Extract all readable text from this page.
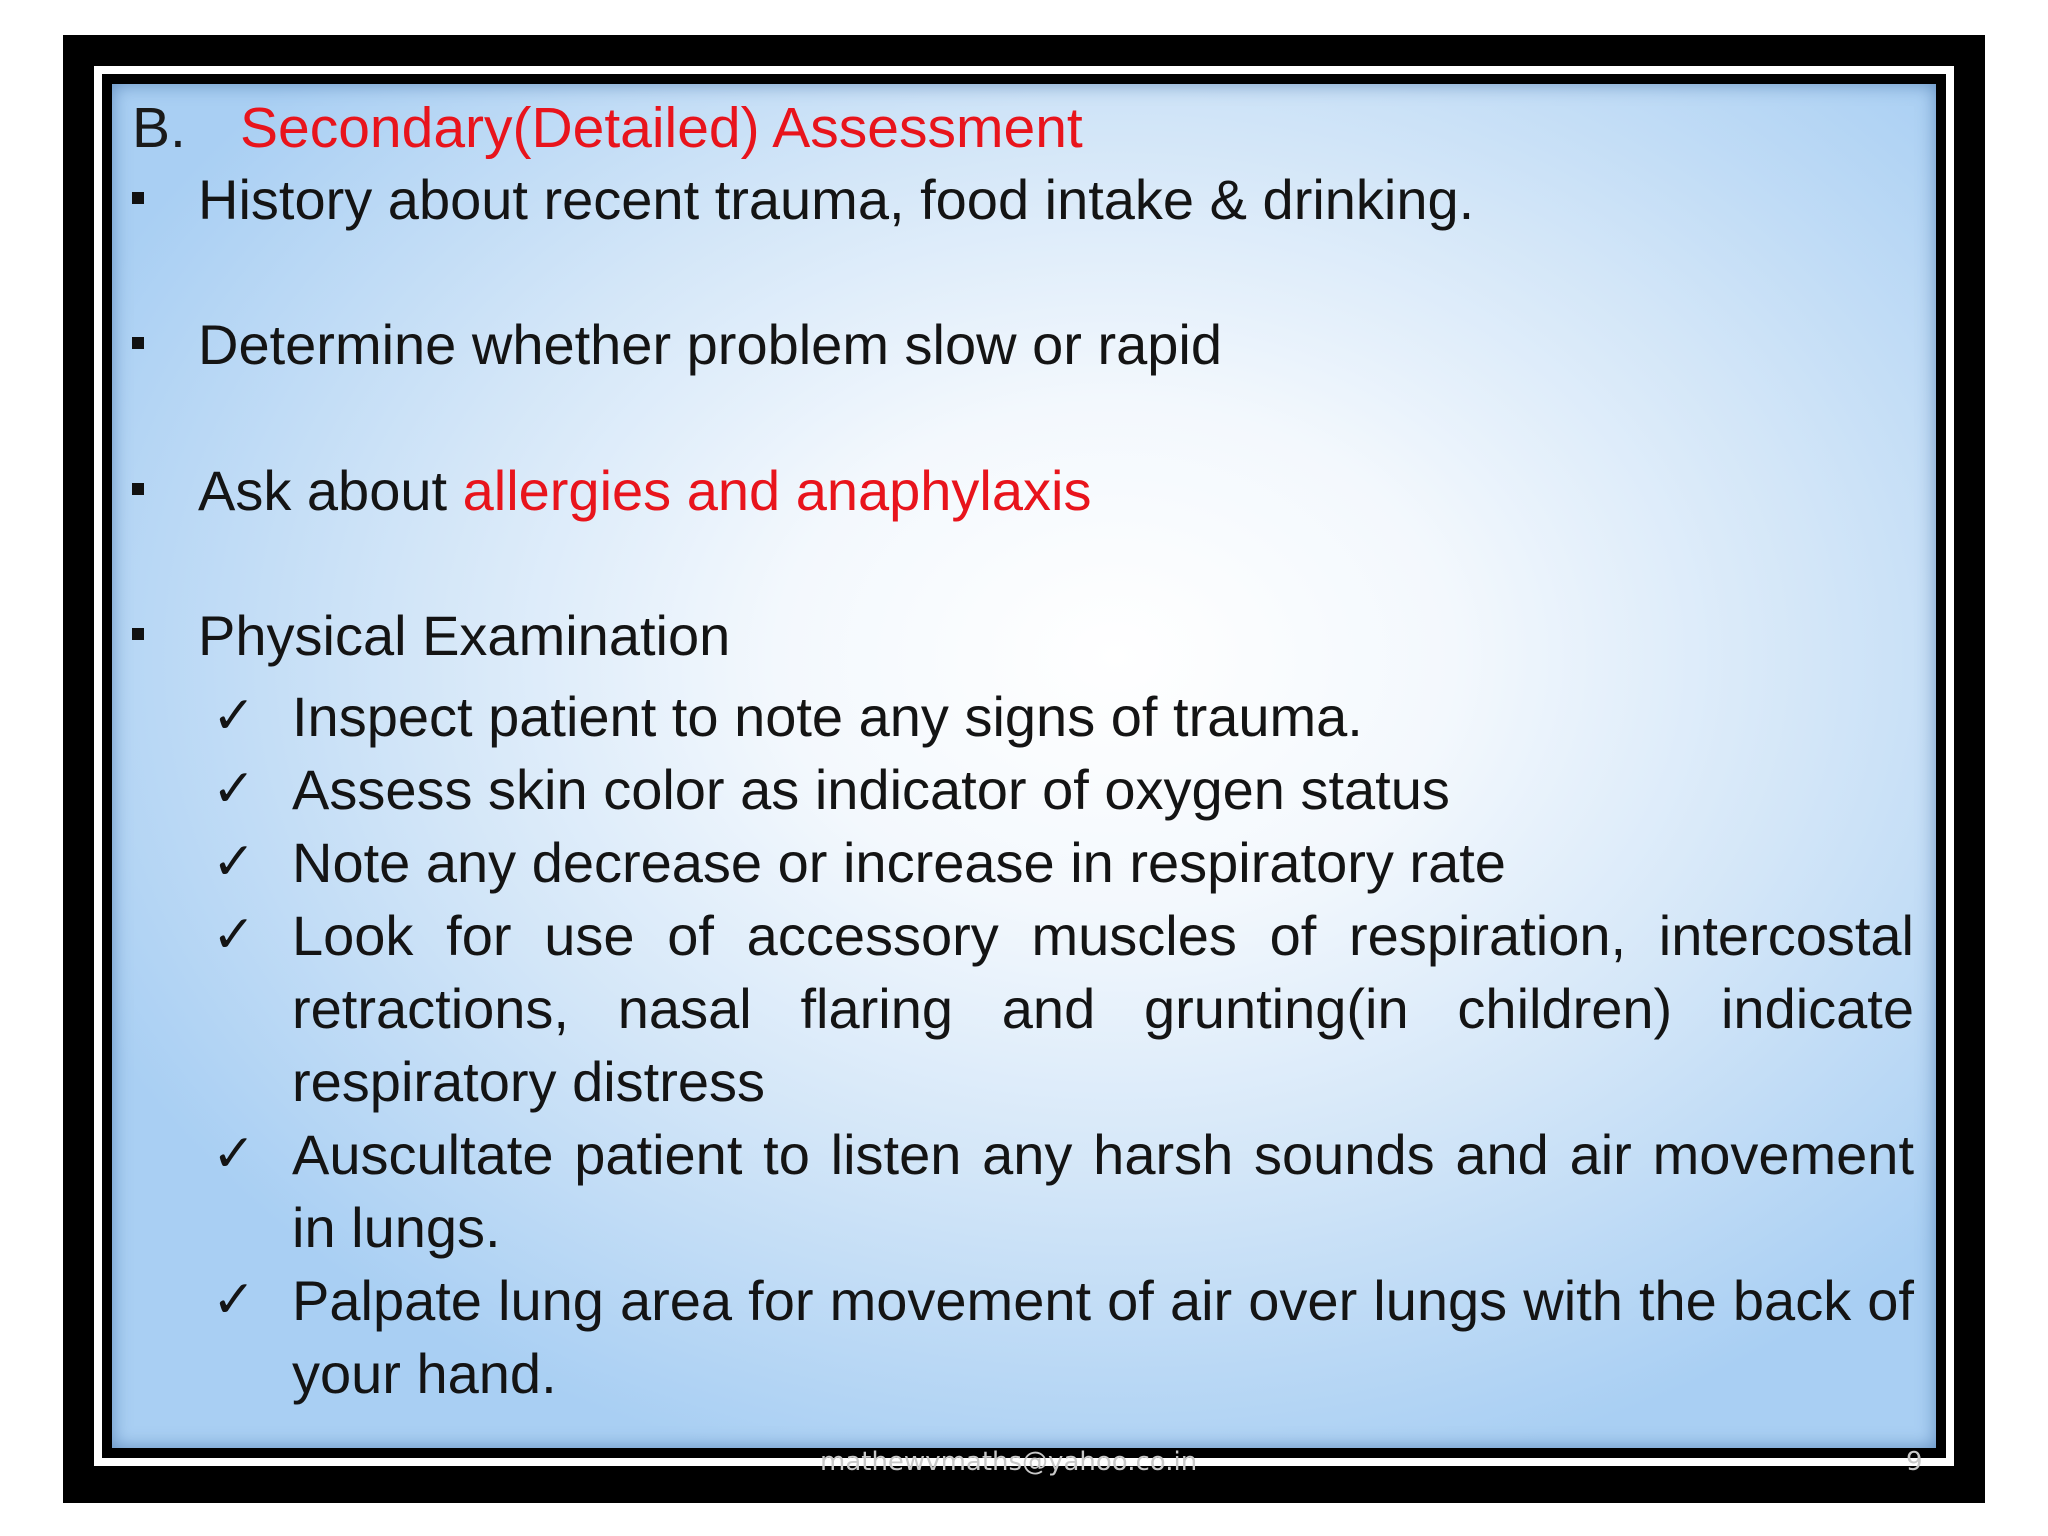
B. Secondary(Detailed) Assessment
History about recent trauma, food intake & drinking.
Determine whether problem slow or rapid
Ask about allergies and anaphylaxis
Physical Examination
✓ Inspect patient to note any signs of trauma.
✓ Assess skin color as indicator of oxygen status
✓ Note any decrease or increase in respiratory rate
✓ Look for use of accessory muscles of respiration, intercostal retractions, nasal flaring and grunting(in children) indicate respiratory distress
✓ Auscultate patient to listen any harsh sounds and air movement in lungs.
✓ Palpate lung area for movement of air over lungs with the back of your hand.
mathewvmaths@yahoo.co.in	9
